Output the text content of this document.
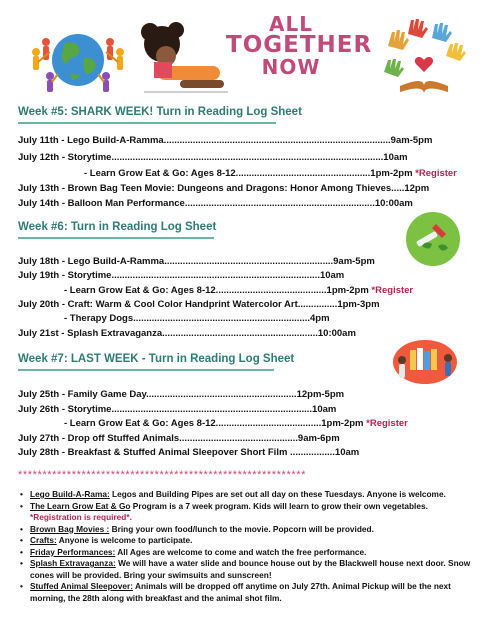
ALL
TOGETHER
NOW
Week #5: SHARK WEEK! Turn in Reading Log Sheet
July 11th - Lego Build-A-Ramma......................................................................................9am-5pm
July 12th - Storytime.......................................................................................................10am
- Learn Grow Eat & Go: Ages 8-12...................................................1pm-2pm *Register
July 13th - Brown Bag Teen Movie: Dungeons and Dragons: Honor Among Thieves.....12pm
July 14th - Balloon Man Performance........................................................................10:00am
Week #6: Turn in Reading Log Sheet
July 18th - Lego Build-A-Ramma................................................................9am-5pm
July 19th - Storytime...............................................................................10am
- Learn Grow Eat & Go: Ages 8-12..........................................1pm-2pm *Register
July 20th - Craft: Warm & Cool Color Handprint Watercolor Art...............1pm-3pm
- Therapy Dogs...................................................................4pm
July 21st - Splash Extravaganza...........................................................10:00am
Week #7: LAST WEEK - Turn in Reading Log Sheet
July 25th - Family Game Day.........................................................12pm-5pm
July 26th - Storytime............................................................................10am
- Learn Grow Eat & Go: Ages 8-12........................................1pm-2pm *Register
July 27th - Drop off Stuffed Animals.............................................9am-6pm
July 28th - Breakfast & Stuffed Animal Sleepover Short Film .................10am
***********************************************************
• Lego Build-A-Rama: Legos and Building Pipes are set out all day on these Tuesdays. Anyone is welcome.
• The Learn Grow Eat & Go Program is a 7 week program. Kids will learn to grow their own vegetables.
*Registration is required*.
• Brown Bag Movies : Bring your own food/lunch to the movie. Popcorn will be provided.
• Crafts: Anyone is welcome to participate.
• Friday Performances: All Ages are welcome to come and watch the free performance.
• Splash Extravaganza: We will have a water slide and bounce house out by the Blackwell house next door. Snow cones will be provided. Bring your swimsuits and sunscreen!
• Stuffed Animal Sleepover: Animals will be dropped off anytime on July 27th. Animal Pickup will be the next morning, the 28th along with breakfast and the animal shot film.
